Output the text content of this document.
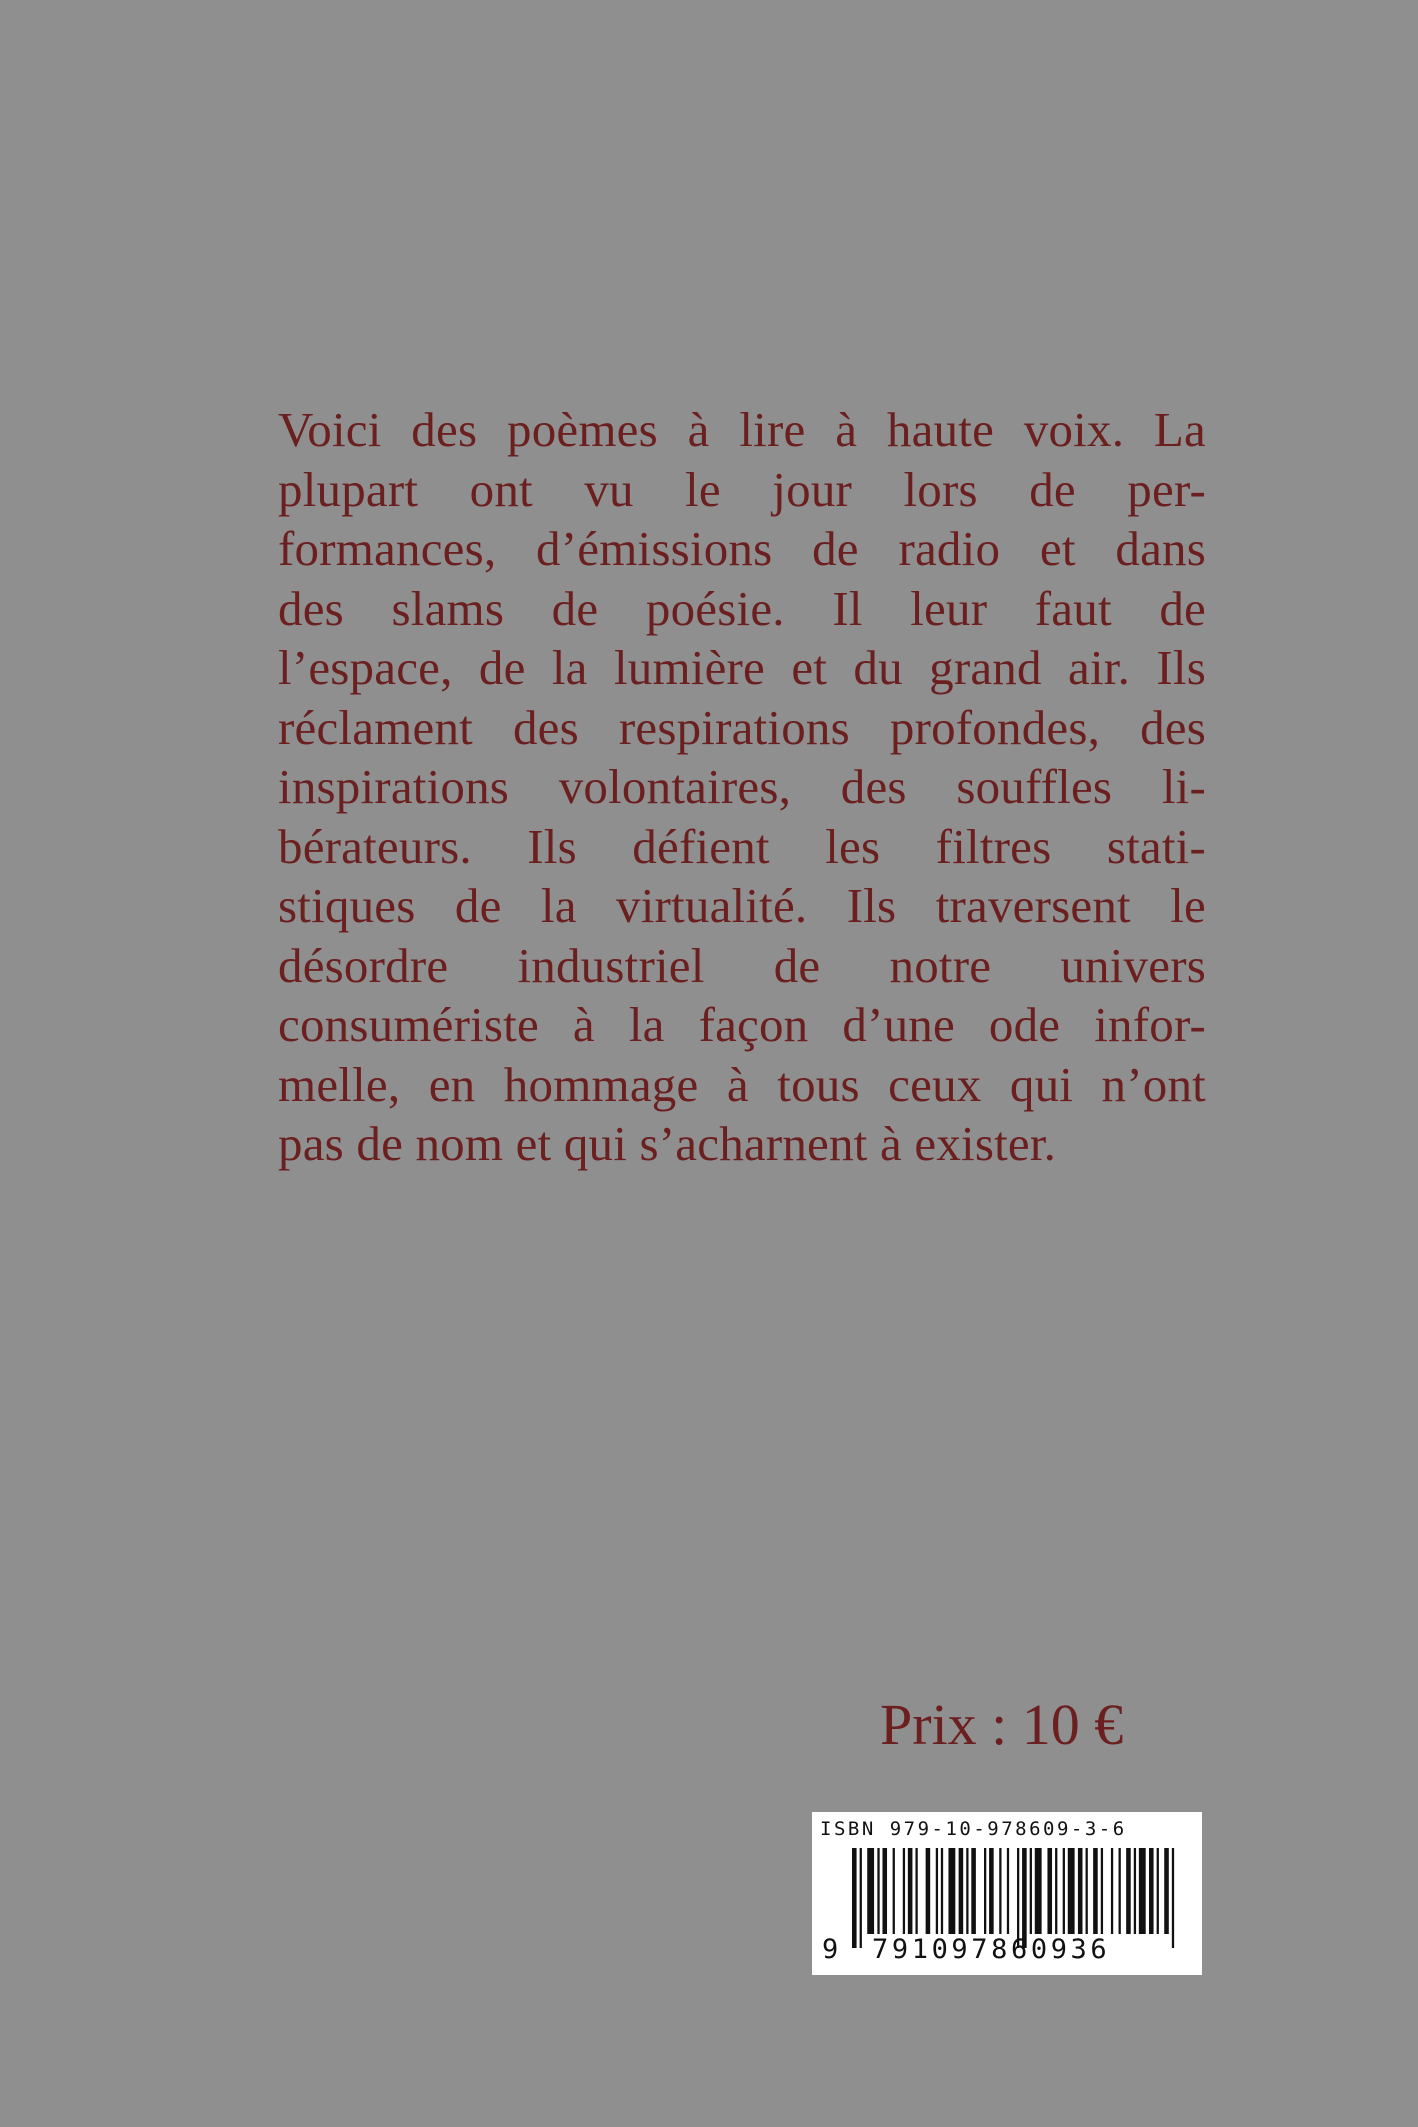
Voici des poèmes à lire à haute voix. La
plupart ont vu le jour lors de per-
formances, d’émissions de radio et dans
des slams de poésie. Il leur faut de
l’espace, de la lumière et du grand air. Ils
réclament des respirations profondes, des
inspirations volontaires, des souffles li-
bérateurs. Ils défient les filtres stati-
stiques de la virtualité. Ils traversent le
désordre industriel de notre univers
consumériste à la façon d’une ode infor-
melle, en hommage à tous ceux qui n’ont
pas de nom et qui s’acharnent à exister.
Prix : 10 €
ISBN 979-10-978609-3-6
9 791097860936
